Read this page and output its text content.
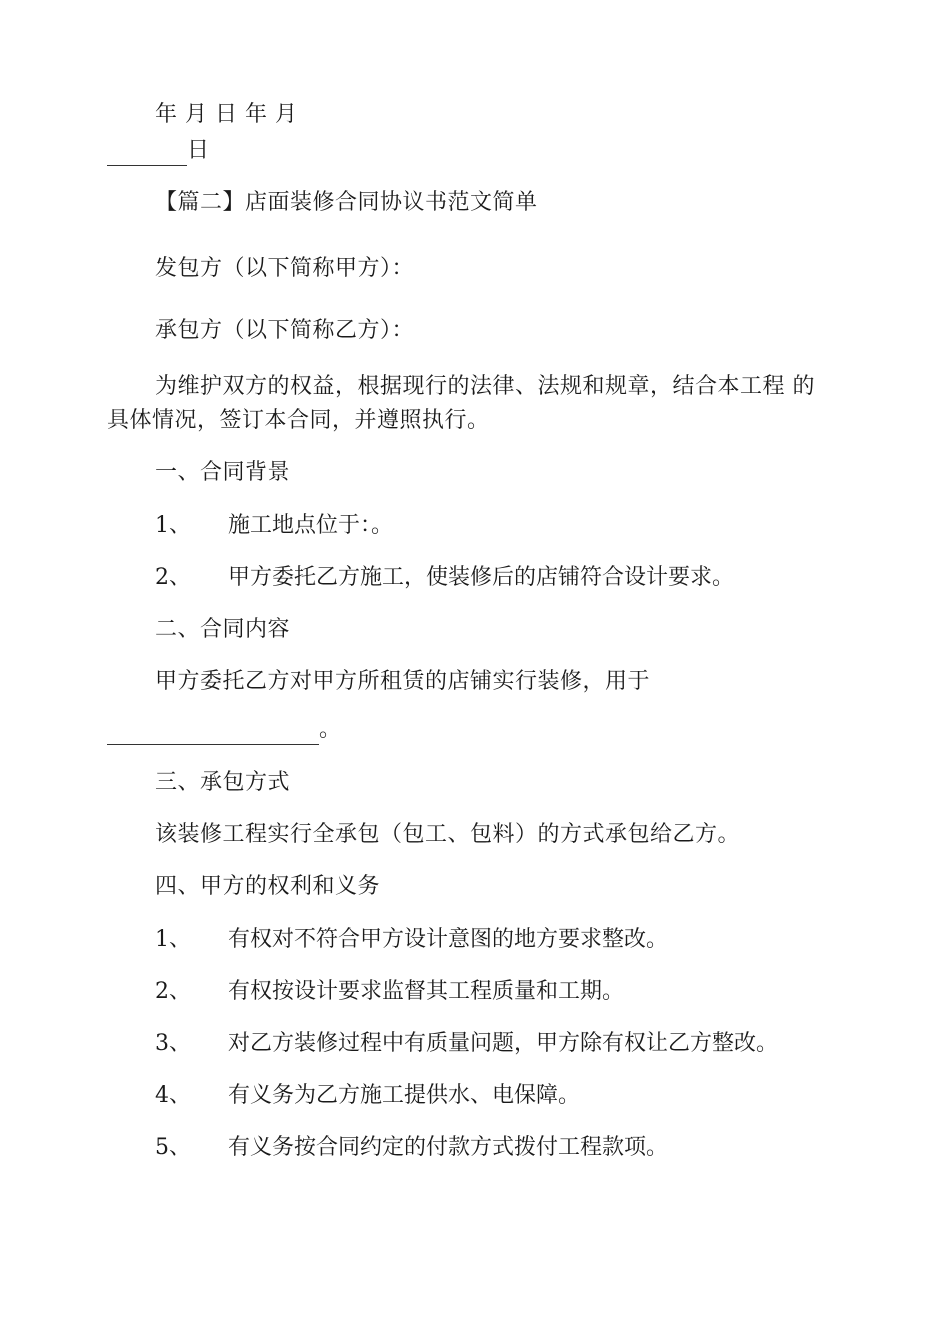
年 月 日 年 月
日
【篇二】店面装修合同协议书范文简单
发包方（以下简称甲方）：
承包方（以下简称乙方）：
为维护双方的权益，根据现行的法律、法规和规章，结合本工程 的
具体情况，签订本合同，并遵照执行。
一、合同背景
1、 施工地点位于：。
2、 甲方委托乙方施工，使装修后的店铺符合设计要求。
二、合同内容
甲方委托乙方对甲方所租赁的店铺实行装修，用于
。
三、承包方式
该装修工程实行全承包（包工、包料）的方式承包给乙方。
四、甲方的权利和义务
1、 有权对不符合甲方设计意图的地方要求整改。
2、 有权按设计要求监督其工程质量和工期。
3、 对乙方装修过程中有质量问题，甲方除有权让乙方整改。
4、 有义务为乙方施工提供水、电保障。
5、 有义务按合同约定的付款方式拨付工程款项。
